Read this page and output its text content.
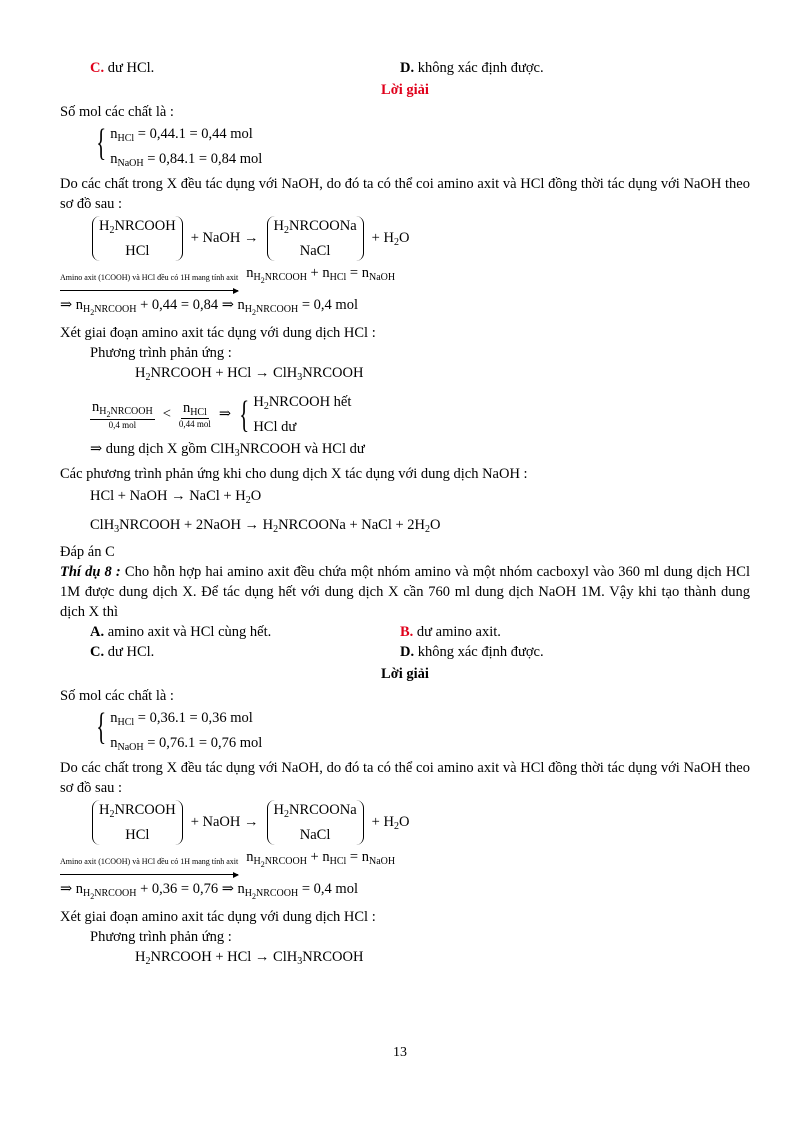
C. dư HCl.	D. không xác định được.
Lời giải
Số mol các chất là :
{ $n_{HCl} = 0,44.1 = 0,44$ mol
$n_{NaOH} = 0,84.1 = 0,84$ mol
Do các chất trong X đều tác dụng với NaOH, do đó ta có thể coi amino axit và HCl đồng thời tác dụng với NaOH theo sơ đồ sau :
$H_2NRCOOH$
HCl
+ NaOH →
$H_2NRCOONa$
NaCl
+ $H_2O$
Amino axit (1COOH) và HCl đều có 1H mang tính axit $n_{H_2NRCOOH} + n_{HCl} = n_{NaOH}$
⇒ $n_{H_2NRCOOH} + 0,44 = 0,84$ ⇒ $n_{H_2NRCOOH} = 0,4$ mol
Xét giai đoạn amino axit tác dụng với dung dịch HCl :
Phương trình phản ứng :
$H_2NRCOOH$ + HCl → ClH$_3$NRCOOH
$n_{H_2NRCOOH}$
0,4 mol
< $n_{HCl}$
0,44 mol
⇒ { $H_2NRCOOH$ hết
HCl dư
⇒ dung dịch X gồm ClH$_3$NRCOOH và HCl dư
Các phương trình phản ứng khi cho dung dịch X tác dụng với dung dịch NaOH :
HCl + NaOH → NaCl + $H_2O$
ClH$_3$NRCOOH + 2NaOH → $H_2NRCOONa$ + NaCl + $2H_2O$
Đáp án C
Thí dụ 8 : Cho hỗn hợp hai amino axit đều chứa một nhóm amino và một nhóm cacboxyl vào 360 ml dung dịch HCl 1M được dung dịch X. Để tác dụng hết với dung dịch X cần 760 ml dung dịch NaOH 1M. Vậy khi tạo thành dung dịch X thì
A. amino axit và HCl cùng hết.	B. dư amino axit.
C. dư HCl.	D. không xác định được.
Lời giải
Số mol các chất là :
{ $n_{HCl} = 0,36.1 = 0,36$ mol
$n_{NaOH} = 0,76.1 = 0,76$ mol
Do các chất trong X đều tác dụng với NaOH, do đó ta có thể coi amino axit và HCl đồng thời tác dụng với NaOH theo sơ đồ sau :
$H_2NRCOOH$
HCl
+ NaOH →
$H_2NRCOONa$
NaCl
+ $H_2O$
Amino axit (1COOH) và HCl đều có 1H mang tính axit $n_{H_2NRCOOH} + n_{HCl} = n_{NaOH}$
⇒ $n_{H_2NRCOOH} + 0,36 = 0,76$ ⇒ $n_{H_2NRCOOH} = 0,4$ mol
Xét giai đoạn amino axit tác dụng với dung dịch HCl :
Phương trình phản ứng :
$H_2NRCOOH$ + HCl → ClH$_3$NRCOOH
13
